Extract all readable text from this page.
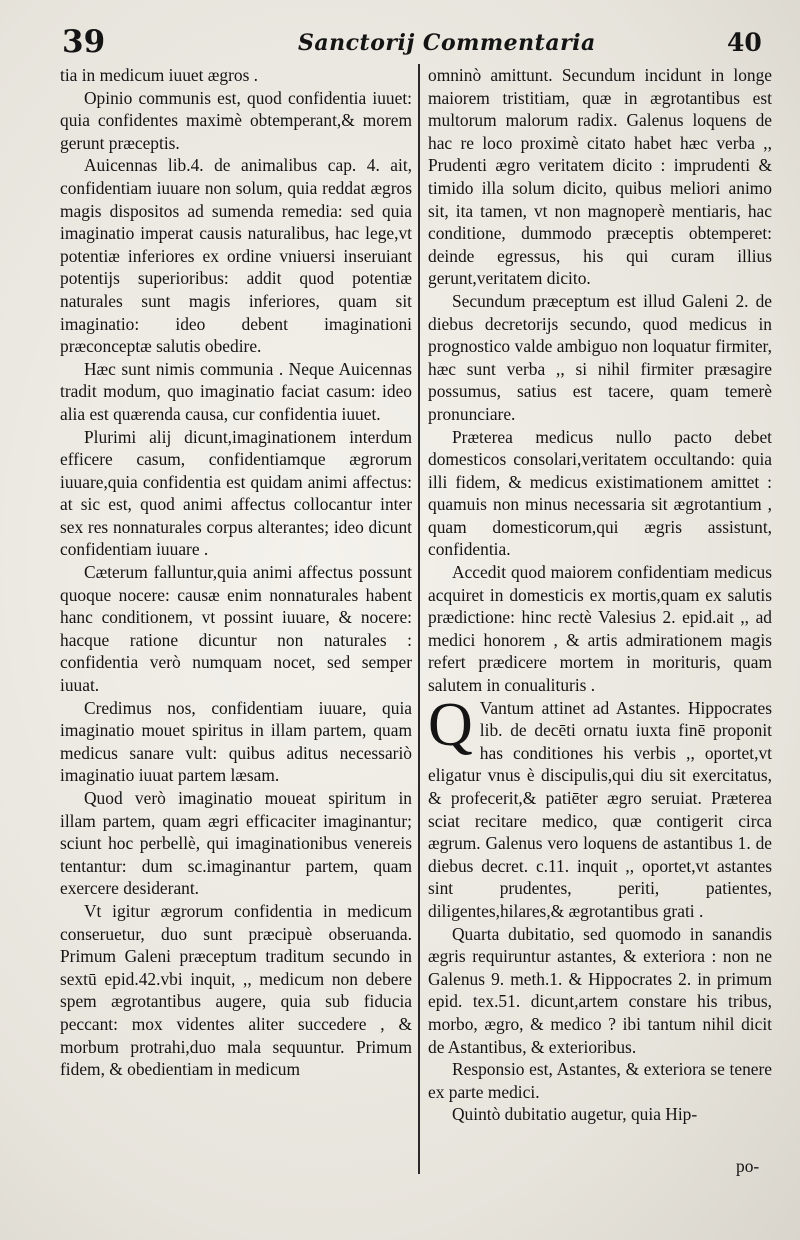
39	Sanctorij Commentaria	40

tia in medicum iuuet ægros .

Opinio communis est, quod confidentia iuuet: quia confidentes maximè obtemperant,& morem gerunt præceptis.

Auicennas lib.4. de animalibus cap. 4. ait, confidentiam iuuare non solum, quia reddat ægros magis dispositos ad sumenda remedia: sed quia imaginatio imperat causis naturalibus, hac lege,vt potentiæ inferiores ex ordine vniuersi inseruiant potentijs superioribus: addit quod potentiæ naturales sunt magis inferiores, quam sit imaginatio: ideo debent imaginationi præconceptæ salutis obedire.

Hæc sunt nimis communia . Neque Auicennas tradit modum, quo imaginatio faciat casum: ideo alia est quærenda causa, cur confidentia iuuet.

Plurimi alij dicunt,imaginationem interdum efficere casum, confidentiamque ægrorum iuuare,quia confidentia est quidam animi affectus: at sic est, quod animi affectus collocantur inter sex res nonnaturales corpus alterantes; ideo dicunt confidentiam iuuare .

Cæterum falluntur,quia animi affectus possunt quoque nocere: causæ enim nonnaturales habent hanc conditionem, vt possint iuuare, & nocere: hacque ratione dicuntur non naturales : confidentia verò numquam nocet, sed semper iuuat.

Credimus nos, confidentiam iuuare, quia imaginatio mouet spiritus in illam partem, quam medicus sanare vult: quibus aditus necessariò imaginatio iuuat partem læsam.

Quod verò imaginatio moueat spiritum in illam partem, quam ægri efficaciter imaginantur; sciunt hoc perbellè, qui imaginationibus venereis tentantur: dum sc.imaginantur partem, quam exercere desiderant.

Vt igitur ægrorum confidentia in medicum conseruetur, duo sunt præcipuè obseruanda. Primum Galeni præceptum traditum secundo in sextū epid.42.vbi inquit, ,, medicum non debere spem ægrotantibus augere, quia sub fiducia peccant: mox videntes aliter succedere , & morbum protrahi,duo mala sequuntur. Primum fidem, & obedientiam in medicum

omninò amittunt. Secundum incidunt in longe maiorem tristitiam, quæ in ægrotantibus est multorum malorum radix. Galenus loquens de hac re loco proximè citato habet hæc verba ,, Prudenti ægro veritatem dicito : imprudenti & timido illa solum dicito, quibus meliori animo sit, ita tamen, vt non magnoperè mentiaris, hac conditione, dummodo præceptis obtemperet: deinde egressus, his qui curam illius gerunt,veritatem dicito.

Secundum præceptum est illud Galeni 2. de diebus decretorijs secundo, quod medicus in prognostico valde ambiguo non loquatur firmiter, hæc sunt verba ,, si nihil firmiter præsagire possumus, satius est tacere, quam temerè pronunciare.

Præterea medicus nullo pacto debet domesticos consolari,veritatem occultando: quia illi fidem, & medicus existimationem amittet : quamuis non minus necessaria sit ægrotantium , quam domesticorum,qui ægris assistunt, confidentia.

Accedit quod maiorem confidentiam medicus acquiret in domesticis ex mortis,quam ex salutis prædictione: hinc rectè Valesius 2. epid.ait ,, ad medici honorem , & artis admirationem magis refert prædicere mortem in morituris, quam salutem in conualituris .

Q Vantum attinet ad Astantes. Hippocrates lib. de decēti ornatu iuxta finē proponit has conditiones his verbis ,, oportet,vt eligatur vnus è discipulis,qui diu sit exercitatus, & profecerit,& patiēter ægro seruiat. Præterea sciat recitare medico, quæ contigerit circa ægrum. Galenus vero loquens de astantibus 1. de diebus decret. c.11. inquit ,, oportet,vt astantes sint prudentes, periti, patientes, diligentes,hilares,& ægrotantibus grati .

Quarta dubitatio, sed quomodo in sanandis ægris requiruntur astantes, & exteriora : non ne Galenus 9. meth.1. & Hippocrates 2. in primum epid. tex.51. dicunt,artem constare his tribus, morbo, ægro, & medico ? ibi tantum nihil dicit de Astantibus, & exterioribus.

Responsio est, Astantes, & exteriora se tenere ex parte medici.

Quintò dubitatio augetur, quia Hip-

po-
